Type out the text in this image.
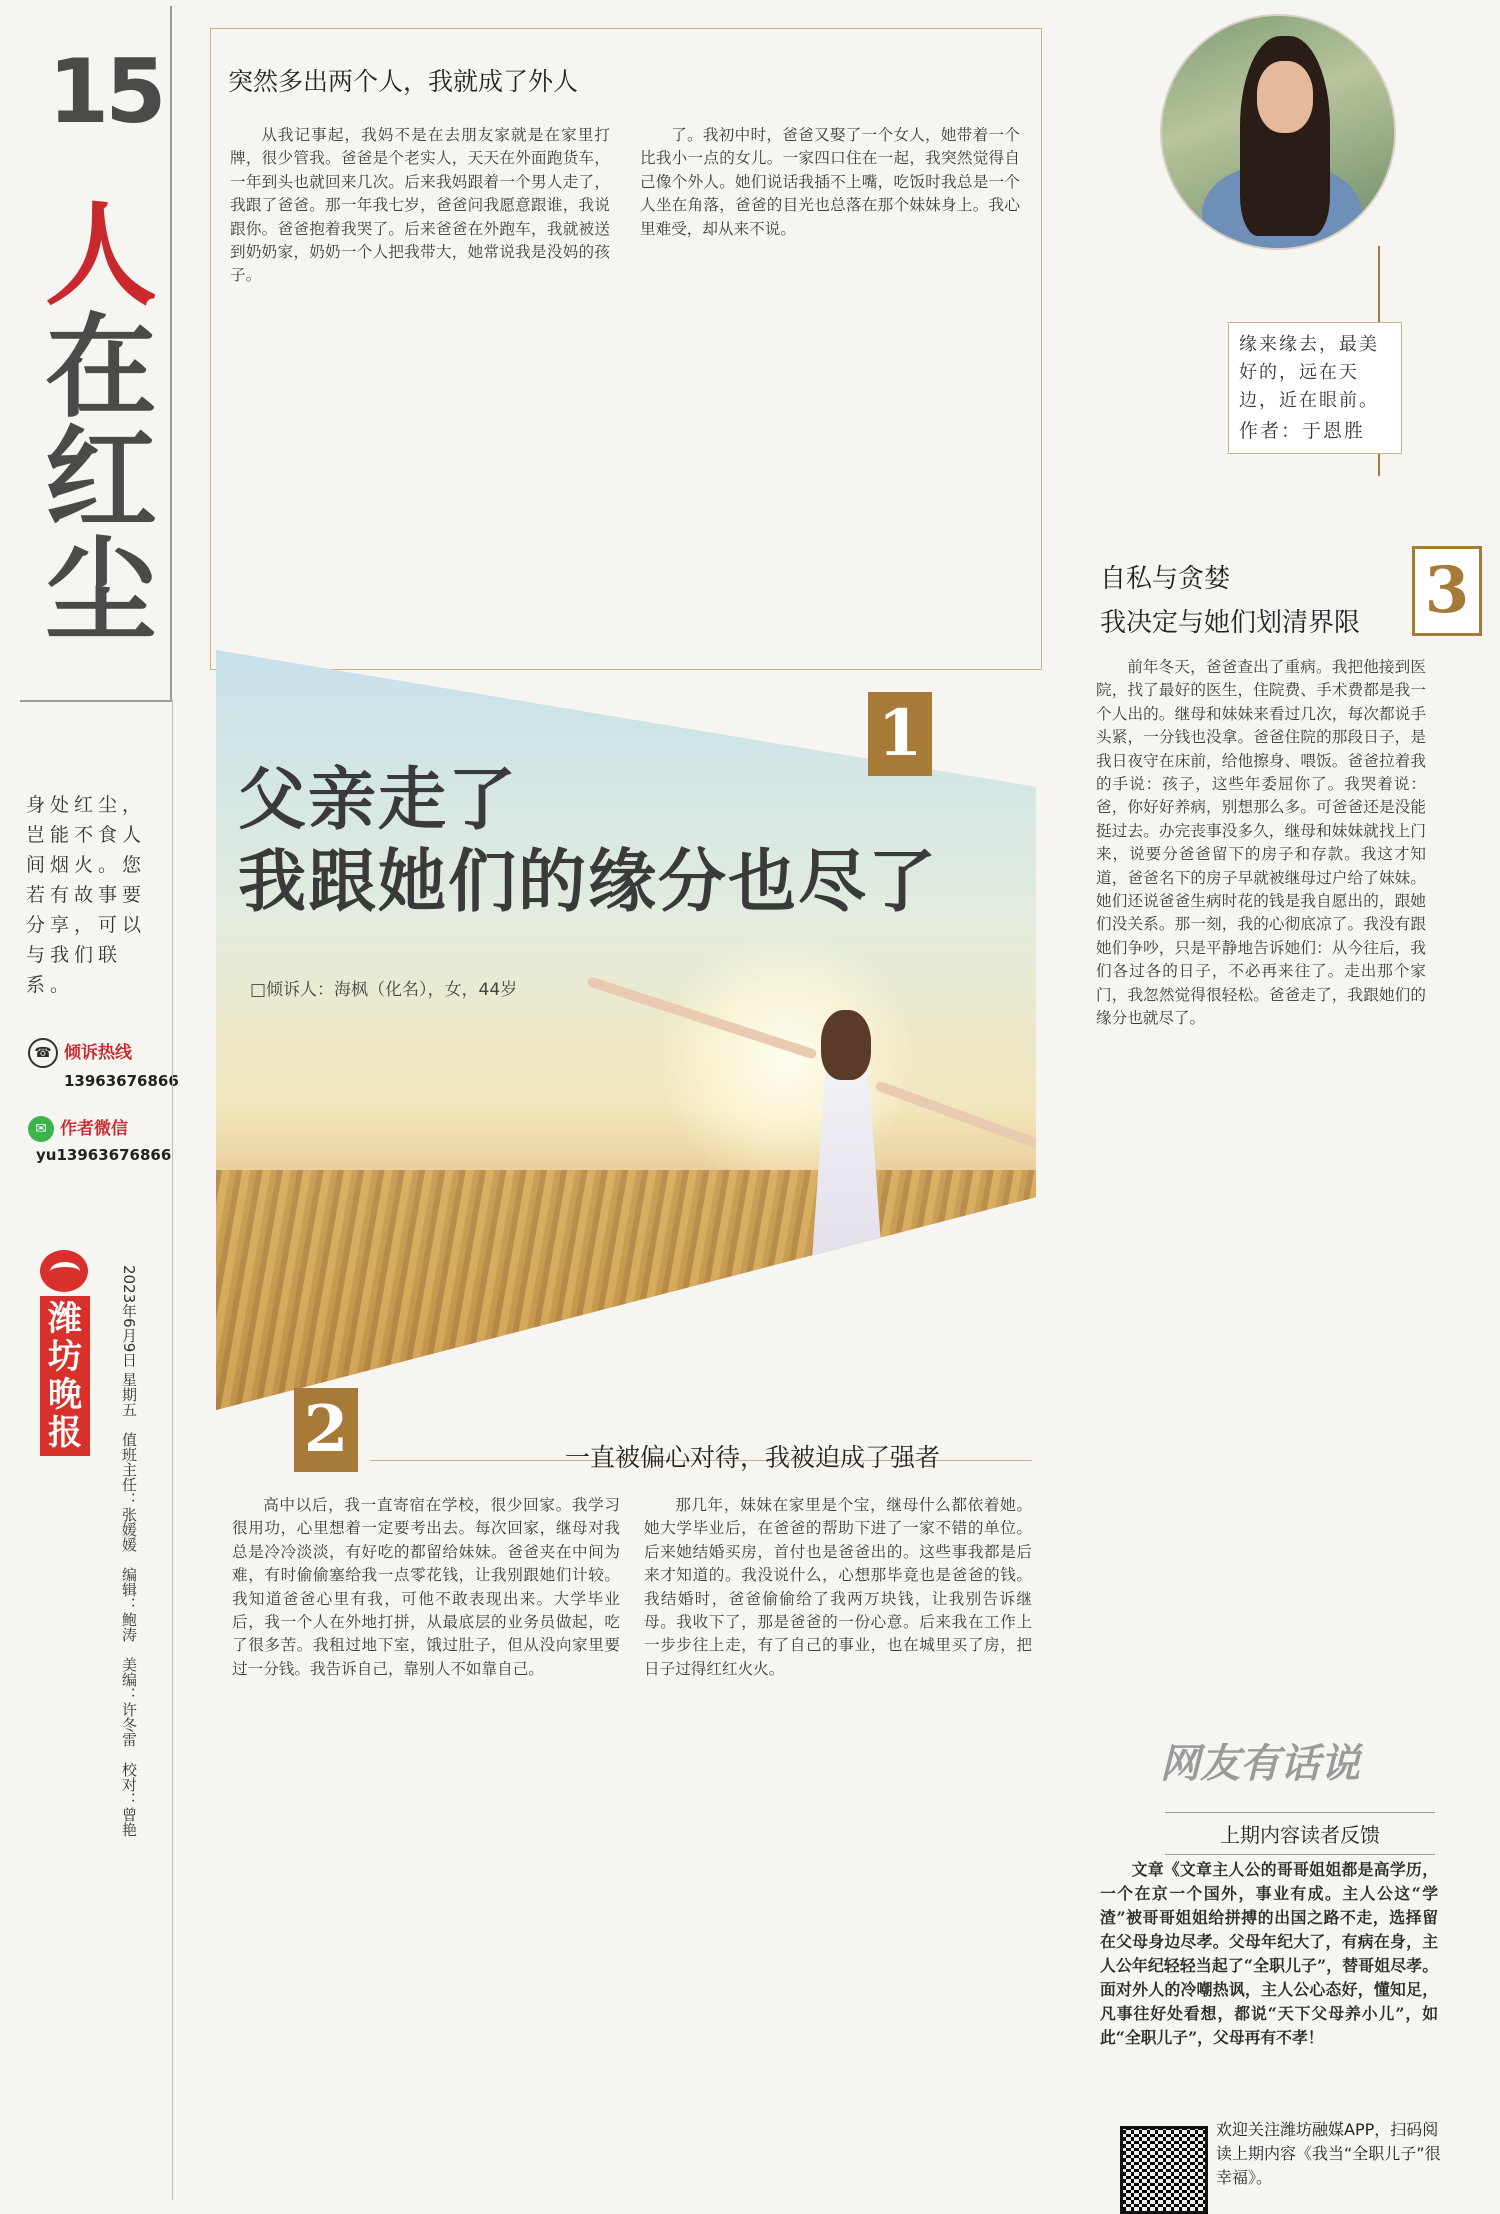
15
人
在
红
尘
身处红尘，岂能不食人间烟火。您若有故事要分享，可以与我们联系。
☎ 倾诉热线
13963676866
✉ 作者微信
yu13963676866
潍坊晚报	2023年6月9日 星期五　值班主任：张媛媛　编辑：鲍涛　美编：许冬雷　校对：曾艳
突然多出两个人，我就成了外人
从我记事起，我妈不是在去朋友家就是在家里打牌，很少管我。爸爸是个老实人，天天在外面跑货车，一年到头也就回来几次。后来我妈跟着一个男人走了，我跟了爸爸。那一年我七岁，爸爸问我愿意跟谁，我说跟你。爸爸抱着我哭了。后来爸爸在外跑车，我就被送到奶奶家，奶奶一个人把我带大，她常说我是没妈的孩子。
了。我初中时，爸爸又娶了一个女人，她带着一个比我小一点的女儿。一家四口住在一起，我突然觉得自己像个外人。她们说话我插不上嘴，吃饭时我总是一个人坐在角落，爸爸的目光也总落在那个妹妹身上。我心里难受，却从来不说。
1
父亲走了
我跟她们的缘分也尽了
□倾诉人：海枫（化名），女，44岁
2	一直被偏心对待，我被迫成了强者
高中以后，我一直寄宿在学校，很少回家。我学习很用功，心里想着一定要考出去。每次回家，继母对我总是冷冷淡淡，有好吃的都留给妹妹。爸爸夹在中间为难，有时偷偷塞给我一点零花钱，让我别跟她们计较。我知道爸爸心里有我，可他不敢表现出来。大学毕业后，我一个人在外地打拼，从最底层的业务员做起，吃了很多苦。我租过地下室，饿过肚子，但从没向家里要过一分钱。我告诉自己，靠别人不如靠自己。
那几年，妹妹在家里是个宝，继母什么都依着她。她大学毕业后，在爸爸的帮助下进了一家不错的单位。后来她结婚买房，首付也是爸爸出的。这些事我都是后来才知道的。我没说什么，心想那毕竟也是爸爸的钱。我结婚时，爸爸偷偷给了我两万块钱，让我别告诉继母。我收下了，那是爸爸的一份心意。后来我在工作上一步步往上走，有了自己的事业，也在城里买了房，把日子过得红红火火。
缘来缘去，最美好的，远在天边，近在眼前。
作者：于恩胜
自私与贪婪
我决定与她们划清界限 3
前年冬天，爸爸查出了重病。我把他接到医院，找了最好的医生，住院费、手术费都是我一个人出的。继母和妹妹来看过几次，每次都说手头紧，一分钱也没拿。爸爸住院的那段日子，是我日夜守在床前，给他擦身、喂饭。爸爸拉着我的手说：孩子，这些年委屈你了。我哭着说：爸，你好好养病，别想那么多。可爸爸还是没能挺过去。办完丧事没多久，继母和妹妹就找上门来，说要分爸爸留下的房子和存款。我这才知道，爸爸名下的房子早就被继母过户给了妹妹。她们还说爸爸生病时花的钱是我自愿出的，跟她们没关系。那一刻，我的心彻底凉了。我没有跟她们争吵，只是平静地告诉她们：从今往后，我们各过各的日子，不必再来往了。走出那个家门，我忽然觉得很轻松。爸爸走了，我跟她们的缘分也就尽了。
网友有话说
上期内容读者反馈
文章《文章主人公的哥哥姐姐都是高学历，一个在京一个国外，事业有成。主人公这“学渣”被哥哥姐姐给拼搏的出国之路不走，选择留在父母身边尽孝。父母年纪大了，有病在身，主人公年纪轻轻当起了“全职儿子”，替哥姐尽孝。面对外人的冷嘲热讽，主人公心态好，懂知足，凡事往好处看想，都说“天下父母养小儿”，如此“全职儿子”，父母再有不孝！
欢迎关注潍坊融媒APP，扫码阅读上期内容《我当“全职儿子”很幸福》。
